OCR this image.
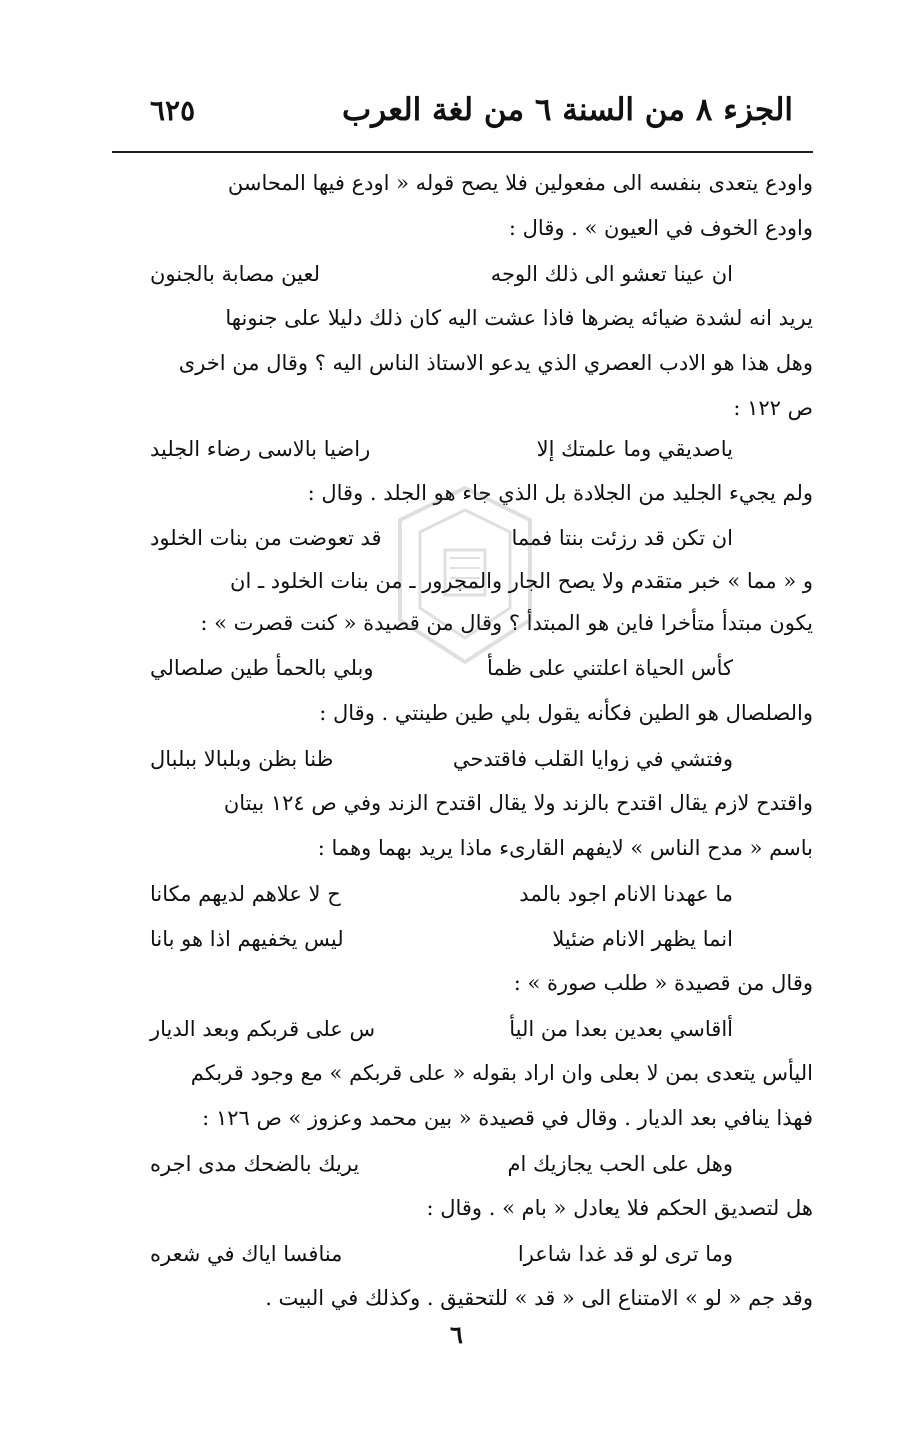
الجزء ٨ من السنة ٦ من لغة العرب
٦٢٥
واودع يتعدى بنفسه الى مفعولين فلا يصح قوله « اودع فيها المحاسن
واودع الخوف في العيون » . وقال :
ان عينا تعشو الى ذلك الوجه
لعين مصابة بالجنون
يريد انه لشدة ضيائه يضرها فاذا عشت اليه كان ذلك دليلا على جنونها
وهل هذا هو الادب العصري الذي يدعو الاستاذ الناس اليه ؟ وقال من اخرى
ص ١٢٢ :
ياصديقي وما علمتك إلا
راضيا بالاسى رضاء الجليد
ولم يجيء الجليد من الجلادة بل الذي جاء هو الجلد . وقال :
ان تكن قد رزئت بنتا فمما
قد تعوضت من بنات الخلود
و « مما » خبر متقدم ولا يصح الجار والمجرور ـ من بنات الخلود ـ ان
يكون مبتدأ متأخرا فاين هو المبتدأ ؟ وقال من قصيدة « كنت قصرت » :
كأس الحياة اعلتني على ظمأ
وبلي بالحمأ طين صلصالي
والصلصال هو الطين فكأنه يقول بلي طين طينتي . وقال :
وفتشي في زوايا القلب فاقتدحي
ظنا بظن وبلبالا ببلبال
واقتدح لازم يقال اقتدح بالزند ولا يقال اقتدح الزند وفي ص ١٢٤ بيتان
باسم « مدح الناس » لايفهم القارىء ماذا يريد بهما وهما :
ما عهدنا الانام اجود بالمد
ح لا علاهم لديهم مكانا
انما يظهر الانام ضئيلا
ليس يخفيهم اذا هو بانا
وقال من قصيدة « طلب صورة » :
أاقاسي بعدين بعدا من اليأ
س على قربكم وبعد الديار
اليأس يتعدى بمن لا بعلى وان اراد بقوله « على قربكم » مع وجود قربكم
فهذا ينافي بعد الديار . وقال في قصيدة « بين محمد وعزوز » ص ١٢٦ :
وهل على الحب يجازيك ام
يريك بالضحك مدى اجره
هل لتصديق الحكم فلا يعادل « بام » . وقال :
وما ترى لو قد غدا شاعرا
منافسا اياك في شعره
وقد جم « لو » الامتناع الى « قد » للتحقيق . وكذلك في البيت .
٦
